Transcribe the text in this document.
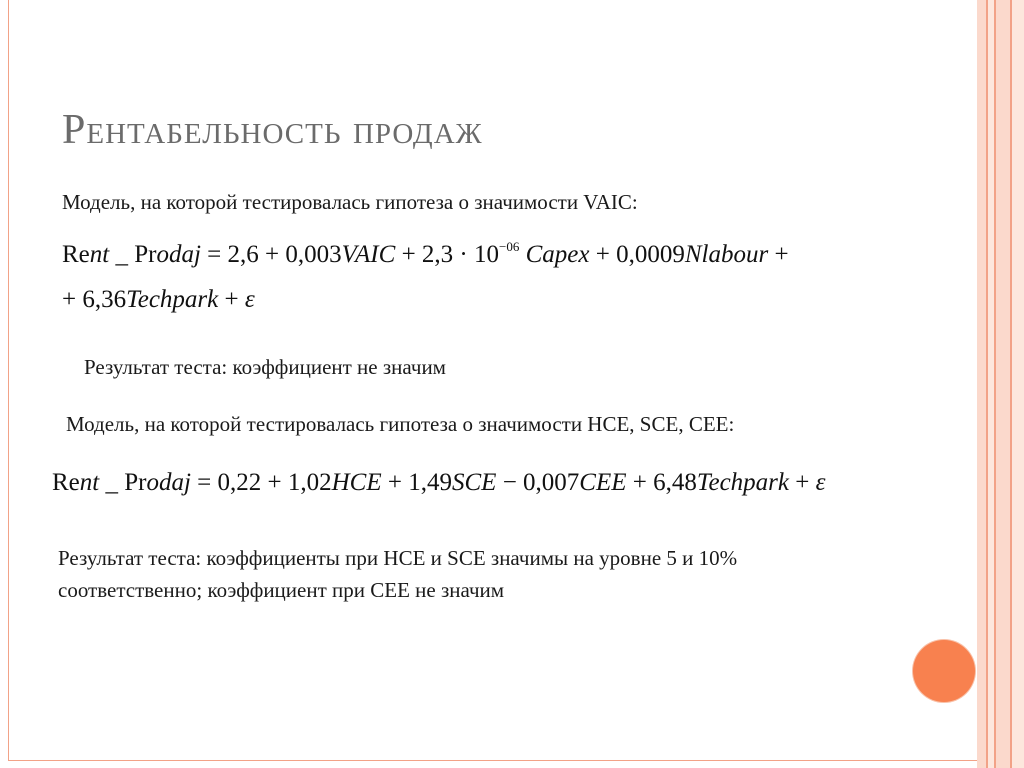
Рентабельность продаж
Модель, на которой тестировалась гипотеза о значимости VAIC:
Rent _ Prodaj = 2,6 + 0,003VAIC + $2,3 \cdot 10^{-06}$ Capex + 0,0009Nlabour +
+ 6,36Techpark + ε
Результат теста: коэффициент не значим
Модель, на которой тестировалась гипотеза о значимости HCE, SCE, CEE:
Rent _ Prodaj = 0,22 + 1,02HCE + 1,49SCE − 0,007CEE + 6,48Techpark + ε
Результат теста: коэффициенты при HCE и SCE значимы на уровне 5 и 10%
соответственно; коэффициент при CEE не значим
